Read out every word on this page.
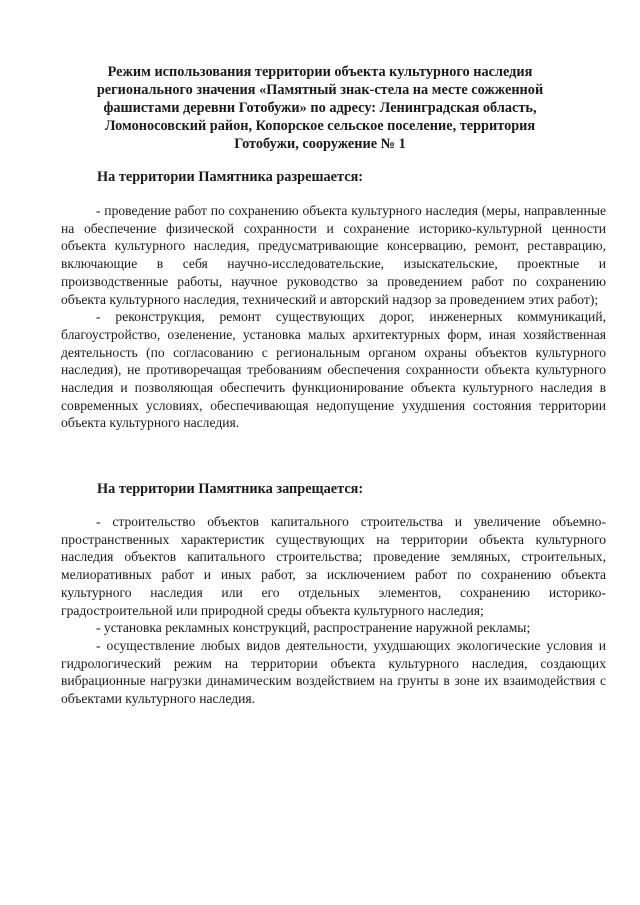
Режим использования территории объекта культурного наследия регионального значения «Памятный знак-стела на месте сожженной фашистами деревни Готобужи» по адресу: Ленинградская область, Ломоносовский район, Копорское сельское поселение, территория Готобужи, сооружение № 1
На территории Памятника разрешается:

- проведение работ по сохранению объекта культурного наследия (меры, направленные на обеспечение физической сохранности и сохранение историко-культурной ценности объекта культурного наследия, предусматривающие консервацию, ремонт, реставрацию, включающие в себя научно-исследовательские, изыскательские, проектные и производственные работы, научное руководство за проведением работ по сохранению объекта культурного наследия, технический и авторский надзор за проведением этих работ);

- реконструкция, ремонт существующих дорог, инженерных коммуникаций, благоустройство, озеленение, установка малых архитектурных форм, иная хозяйственная деятельность (по согласованию с региональным органом охраны объектов культурного наследия), не противоречащая требованиям обеспечения сохранности объекта культурного наследия и позволяющая обеспечить функционирование объекта культурного наследия в современных условиях, обеспечивающая недопущение ухудшения состояния территории объекта культурного наследия.

На территории Памятника запрещается:

- строительство объектов капитального строительства и увеличение объемно-пространственных характеристик существующих на территории объекта культурного наследия объектов капитального строительства; проведение земляных, строительных, мелиоративных работ и иных работ, за исключением работ по сохранению объекта культурного наследия или его отдельных элементов, сохранению историко-градостроительной или природной среды объекта культурного наследия;

- установка рекламных конструкций, распространение наружной рекламы;

- осуществление любых видов деятельности, ухудшающих экологические условия и гидрологический режим на территории объекта культурного наследия, создающих вибрационные нагрузки динамическим воздействием на грунты в зоне их взаимодействия с объектами культурного наследия.
